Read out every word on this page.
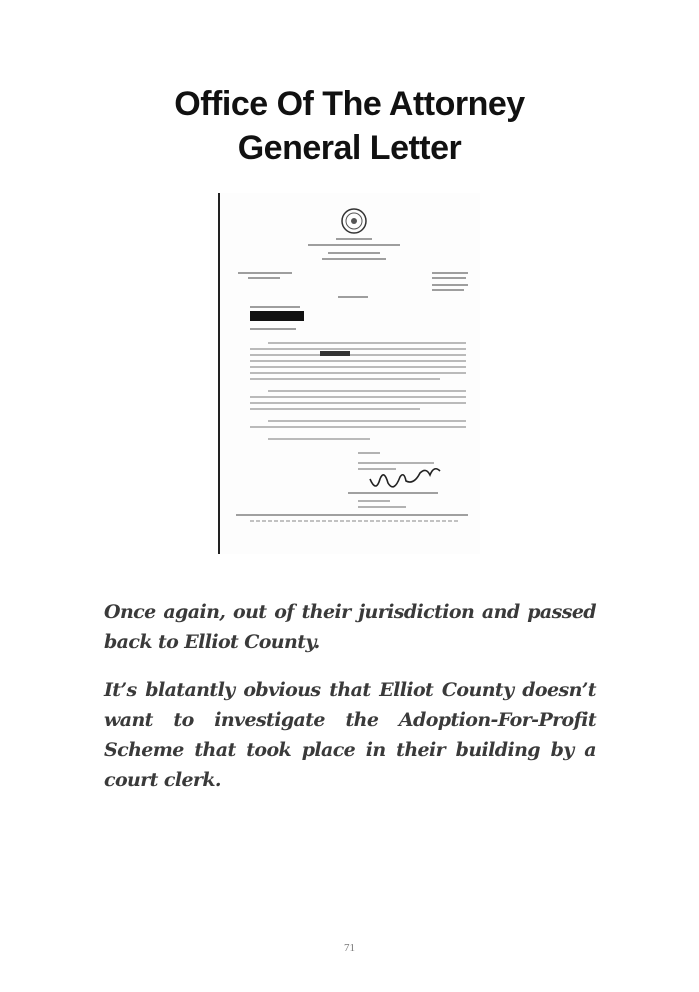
Office Of The Attorney
General Letter

Once again, out of their jurisdiction and passed back to Elliot County.

It’s blatantly obvious that Elliot County doesn’t want to investigate the Adoption-For-Profit Scheme that took place in their building by a court clerk.

71
